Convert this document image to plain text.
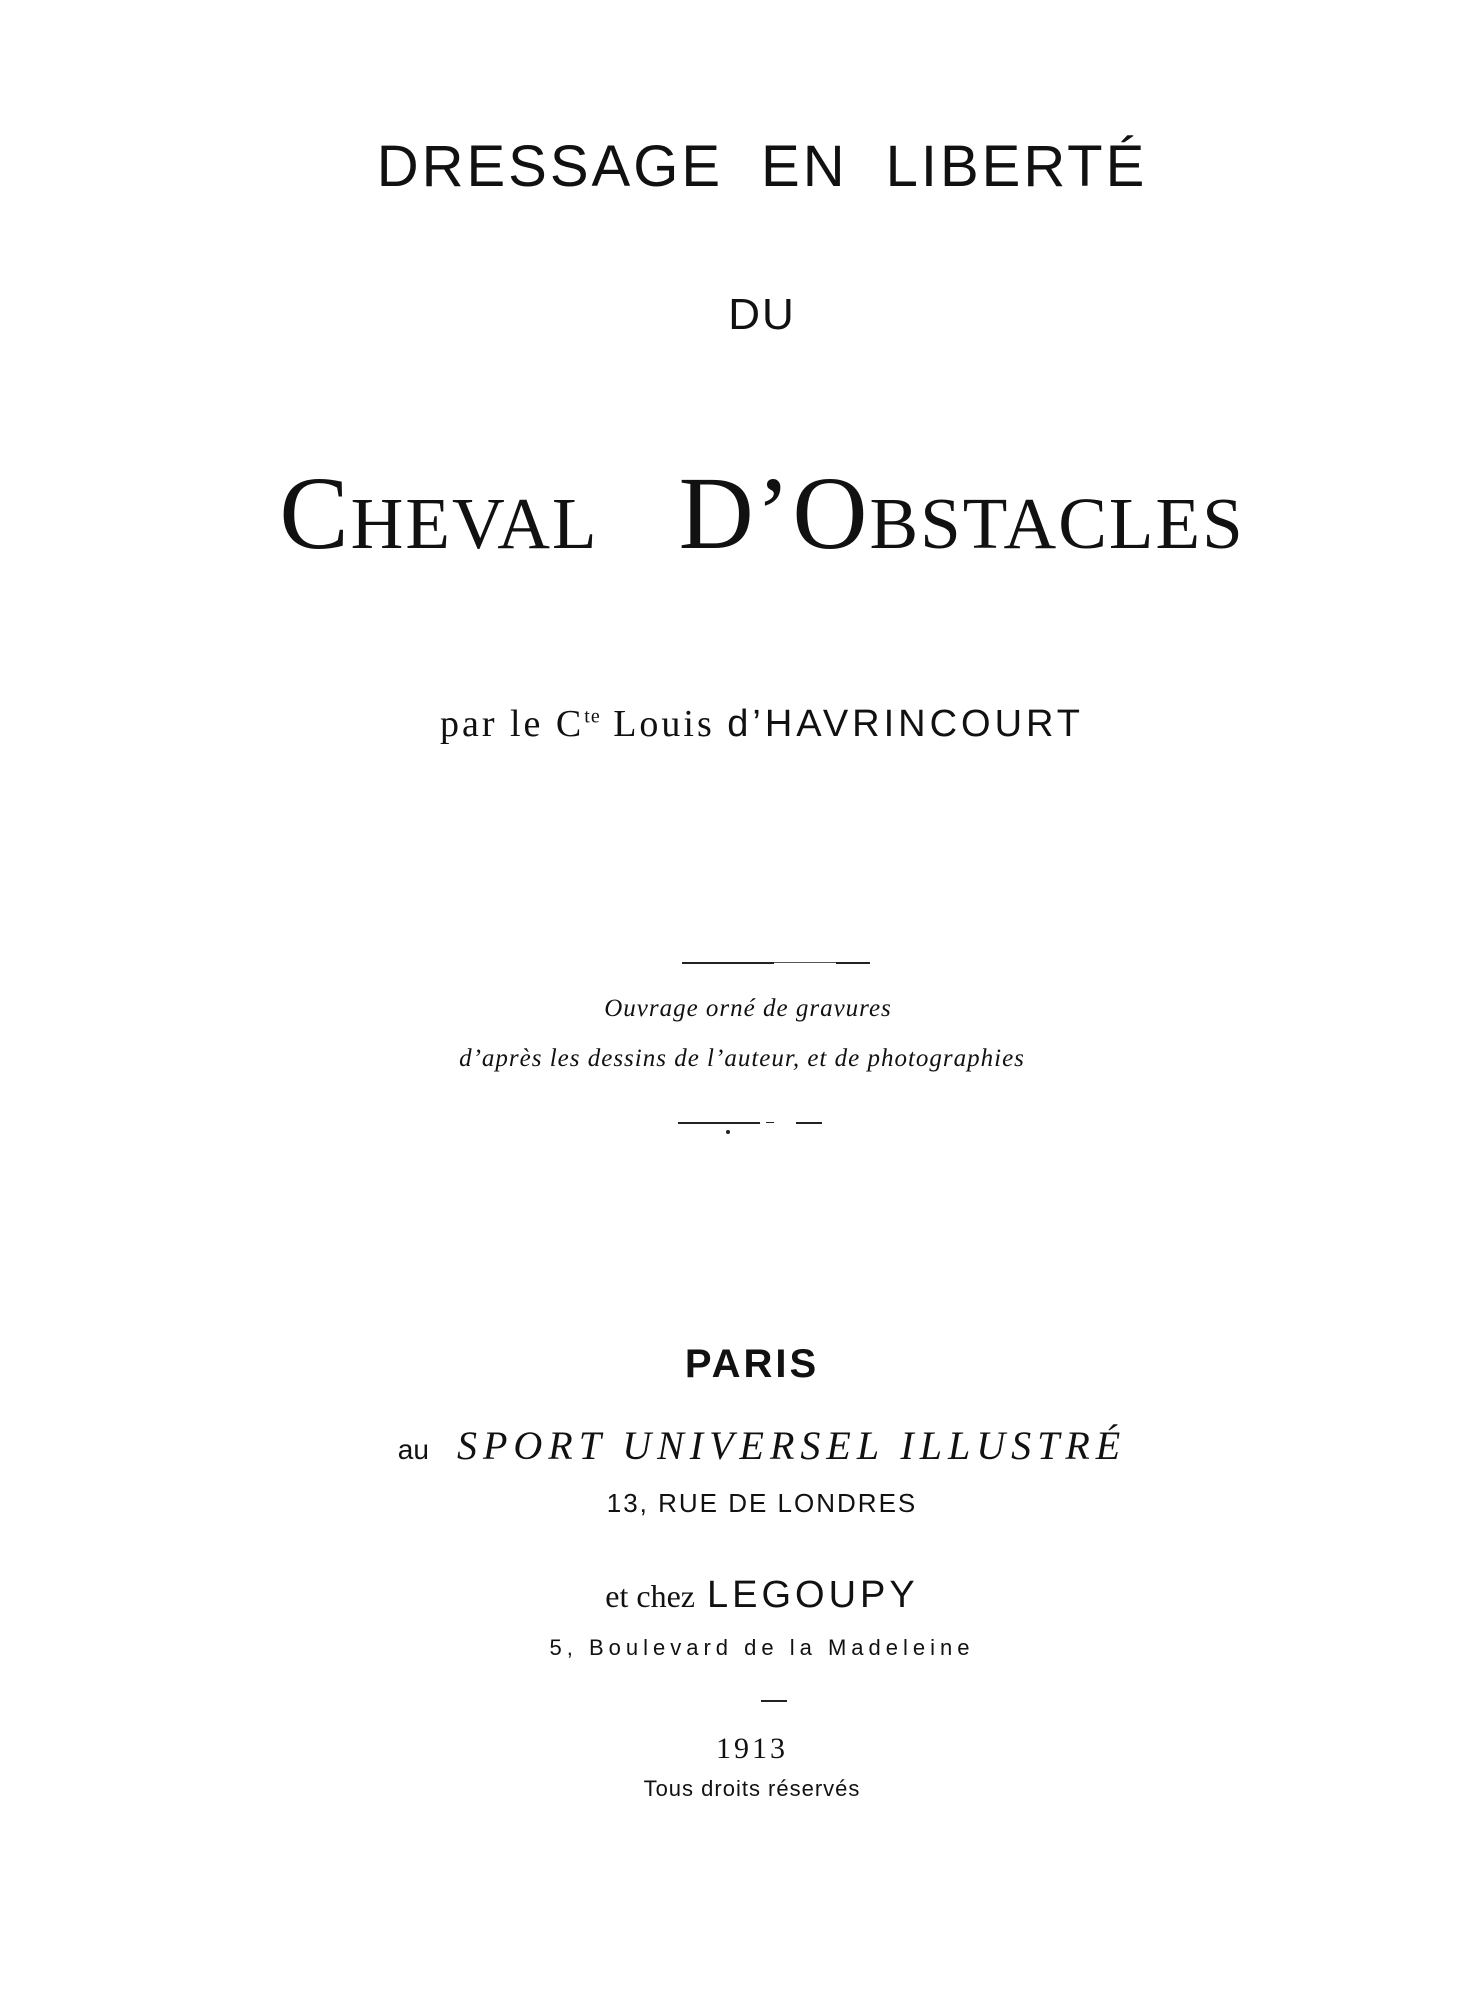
DRESSAGE EN LIBERTÉ
DU
Cheval D’Obstacles
par le $C^{te}$ Louis d’HAVRINCOURT
Ouvrage orné de gravures
d’après les dessins de l’auteur, et de photographies
PARIS
au SPORT UNIVERSEL ILLUSTRÉ
13, RUE DE LONDRES
et chez LEGOUPY
5, Boulevard de la Madeleine
1913
Tous droits réservés
